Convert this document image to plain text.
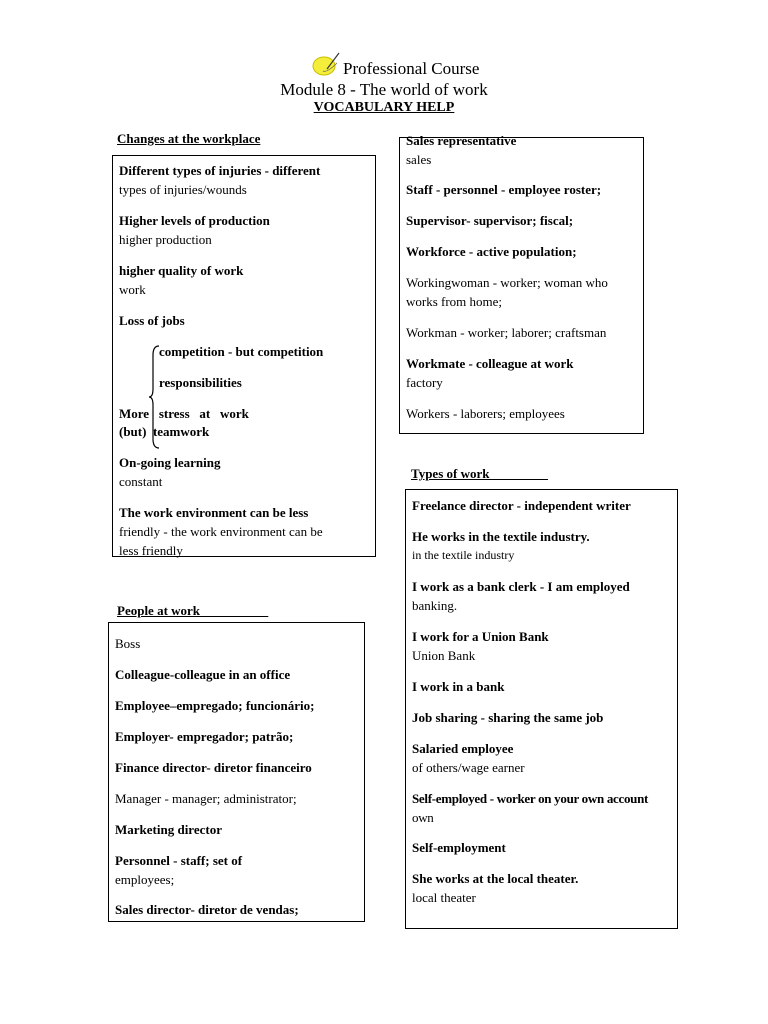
Professional Course
Module 8 - The world of work
VOCABULARY HELP
Changes at the workplace
Different types of injuries - different
types of injuries/wounds
Higher levels of production
higher production
higher quality of work
work
Loss of jobs
competition - but competition
responsibilities
More   stress   at   work
(but)  teamwork
On-going learning
constant
The work environment can be less
friendly - the work environment can be
less friendly
People at work
Boss
Colleague-colleague in an office
Employee–empregado; funcionário;
Employer- empregador; patrão;
Finance director- diretor financeiro
Manager - manager; administrator;
Marketing director
Personnel - staff; set of
employees;
Sales director- diretor de vendas;
Sales representative
sales
Staff - personnel - employee roster;
Supervisor- supervisor; fiscal;
Workforce - active population;
Workingwoman - worker; woman who
works from home;
Workman - worker; laborer; craftsman
Workmate - colleague at work
factory
Workers - laborers; employees
Types of work
Freelance director - independent writer
He works in the textile industry.
in the textile industry
I work as a bank clerk - I am employed
banking.
I work for a Union Bank
Union Bank
I work in a bank
Job sharing - sharing the same job
Salaried employee
of others/wage earner
Self-employed - worker on your own account
own
Self-employment
She works at the local theater.
local theater
